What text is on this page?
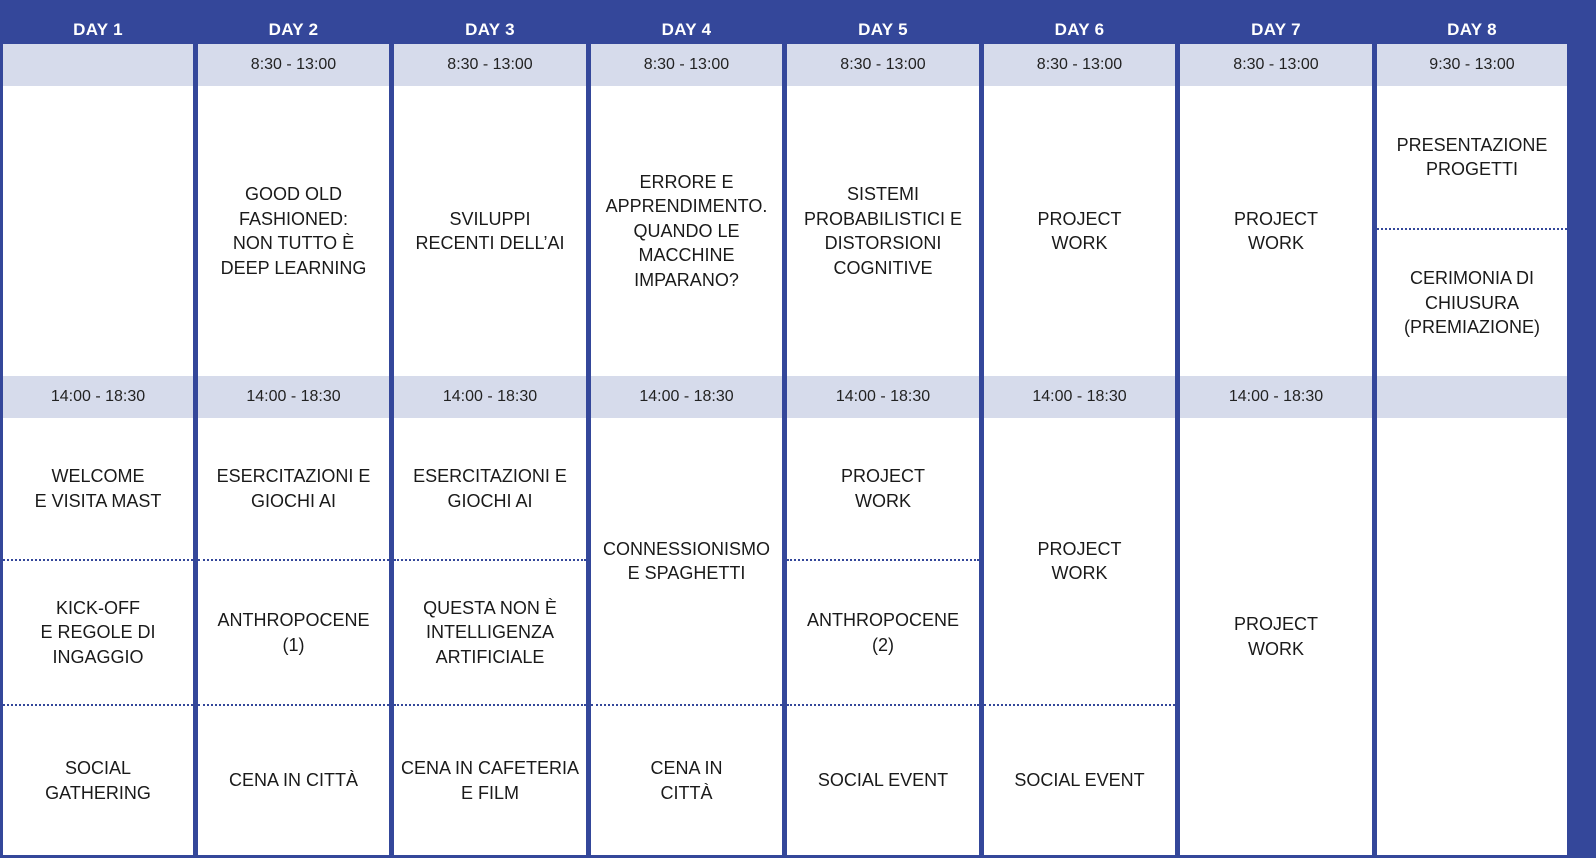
DAY 1
14:00 - 18:30
WELCOME
E VISITA MAST
KICK-OFF
E REGOLE DI
INGAGGIO
SOCIAL
GATHERING
DAY 2
8:30 - 13:00
GOOD OLD
FASHIONED:
NON TUTTO È
DEEP LEARNING
14:00 - 18:30
ESERCITAZIONI E
GIOCHI AI
ANTHROPOCENE
(1)
CENA IN CITTÀ
DAY 3
8:30 - 13:00
SVILUPPI
RECENTI DELL’AI
14:00 - 18:30
ESERCITAZIONI E
GIOCHI AI
QUESTA NON È
INTELLIGENZA
ARTIFICIALE
CENA IN CAFETERIA
E FILM
DAY 4
8:30 - 13:00
ERRORE E
APPRENDIMENTO.
QUANDO LE
MACCHINE
IMPARANO?
14:00 - 18:30
CONNESSIONISMO
E SPAGHETTI
CENA IN
CITTÀ
DAY 5
8:30 - 13:00
SISTEMI
PROBABILISTICI E
DISTORSIONI
COGNITIVE
14:00 - 18:30
PROJECT
WORK
ANTHROPOCENE
(2)
SOCIAL EVENT
DAY 6
8:30 - 13:00
PROJECT
WORK
14:00 - 18:30
PROJECT
WORK
SOCIAL EVENT
DAY 7
8:30 - 13:00
PROJECT
WORK
14:00 - 18:30
PROJECT
WORK
DAY 8
9:30 - 13:00
PRESENTAZIONE
PROGETTI
CERIMONIA DI
CHIUSURA
(PREMIAZIONE)
